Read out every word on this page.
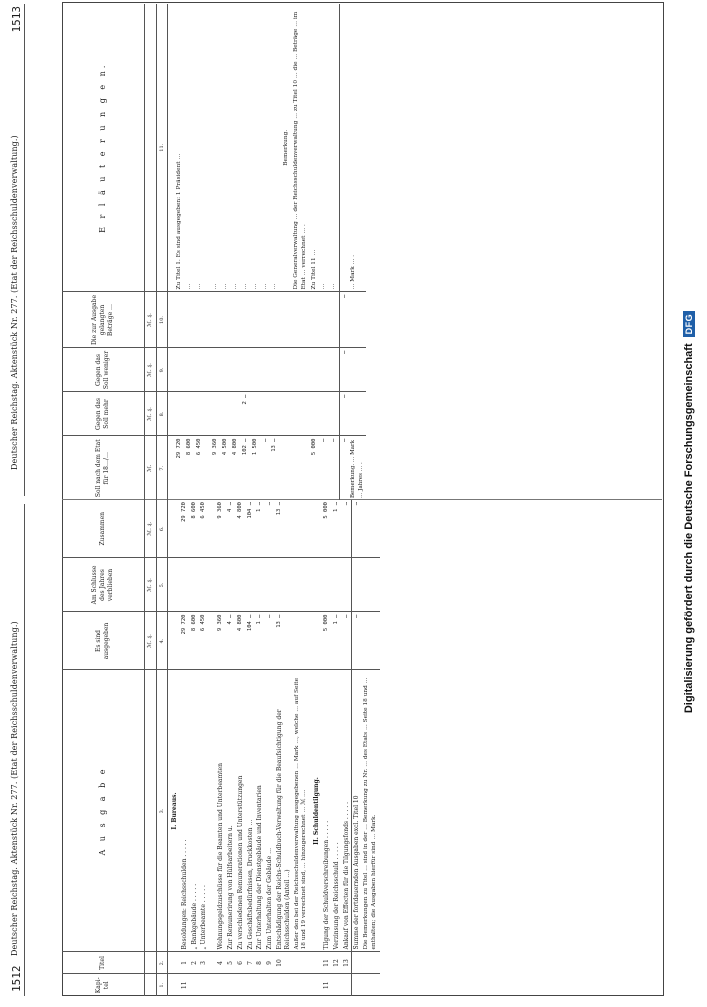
1512
Deutscher Reichstag. Aktenstück Nr. 277. (Etat der Reichsschuldenverwaltung.)
Kapi-tel	Titel	A u s g a b e	Es sind ausgegeben	Am Schlusse des Jahres verblieben	Zusammen
			ℳ. ₰.	ℳ. ₰.	ℳ. ₰.
1.	2.	3.	4.	5.	6.
		I. Bureaus.			
11	1	Besoldungen: Reichsschulden . . . . .	29 720		29 720
	2	„ Bankgebäude . . . . .	8 600		8 600
	3	„ Unterbeamte . . . . .	6 450		6 450

	4	Wohnungsgeldzuschüsse für die Beamten und Unterbeamten	9 360		9 360
	5	Zur Remunerirung von Hülfsarbeitern u.	4 …		4 …
	6	Zu verschiedenen Remunerationen und Unterstützungen	4 800		4 800
	7	Zu Geschäftsbedürfnissen, Druckkosten …	104 …		104 …
	8	Zur Unterhaltung der Dienstgebäude und Inventarien	1 …		1 …
	9	Zum Unterhalten der Gebäude …	…		…
	10	Entschädigung der Reichs-Schuldbuch-Verwaltung für die Beaufsichtigung der Reichsschulden (Anteil …)	13 …		13 …
		Außer den bei der Reichsschuldenverwaltung ausgegebenen … Mark …, welche … auf Seite 18 und 19 verrechnet sind, … hinzugerechnet … ℳ ….			
		II. Schuldentilgung.			
11	11	Tilgung der Schuldverschreibungen . . . . .	5 000		5 000
	12	Verzinsung der Reichsschuld . . . . .	1 …		1 …
	13	Ankauf von Effecten für die Tilgungsfonds . . . . .	…		…
		Summe der fortdauernden Ausgaben excl. Titel 10	…		…
		Die Bemerkungen zu Titel … sind in der … Bemerkung zu Nr. … des Etats … Seite 18 und … enthalten; die Ausgaben hierfür sind … Mark.			
Deutscher Reichstag. Aktenstück Nr. 277. (Etat der Reichsschuldenverwaltung.)
1513
Soll nach dem Etat für 18…/…	Gegen das Soll mehr	Gegen das Soll weniger	Die zur Ausgabe gelangten Beträge …	E r l ä u t e r u n g e n.
ℳ.	ℳ. ₰.	ℳ. ₰.	ℳ. ₰.	
7.	8.	9.	10.	11.

29 720				Zu Titel 1. Es sind ausgegeben: 1 Präsident …
8 600				…
6 450				…

9 360				…
4 500				…
4 800				…
102 …	2 …			…
1 500				…
…				…
13 …				…

				Bemerkung. Die Generalverwaltung … der Reichsschuldenverwaltung … zu Titel 10 … die … Beträge … im Etat … verrechnet … .
5 000				Zu Titel 11 …
…				…
…				…
…	…	…	…	
Bemerkung. … Mark … Jahres … .				… Mark … .
Digitalisierung gefördert durch die Deutsche Forschungsgemeinschaft
DFG
